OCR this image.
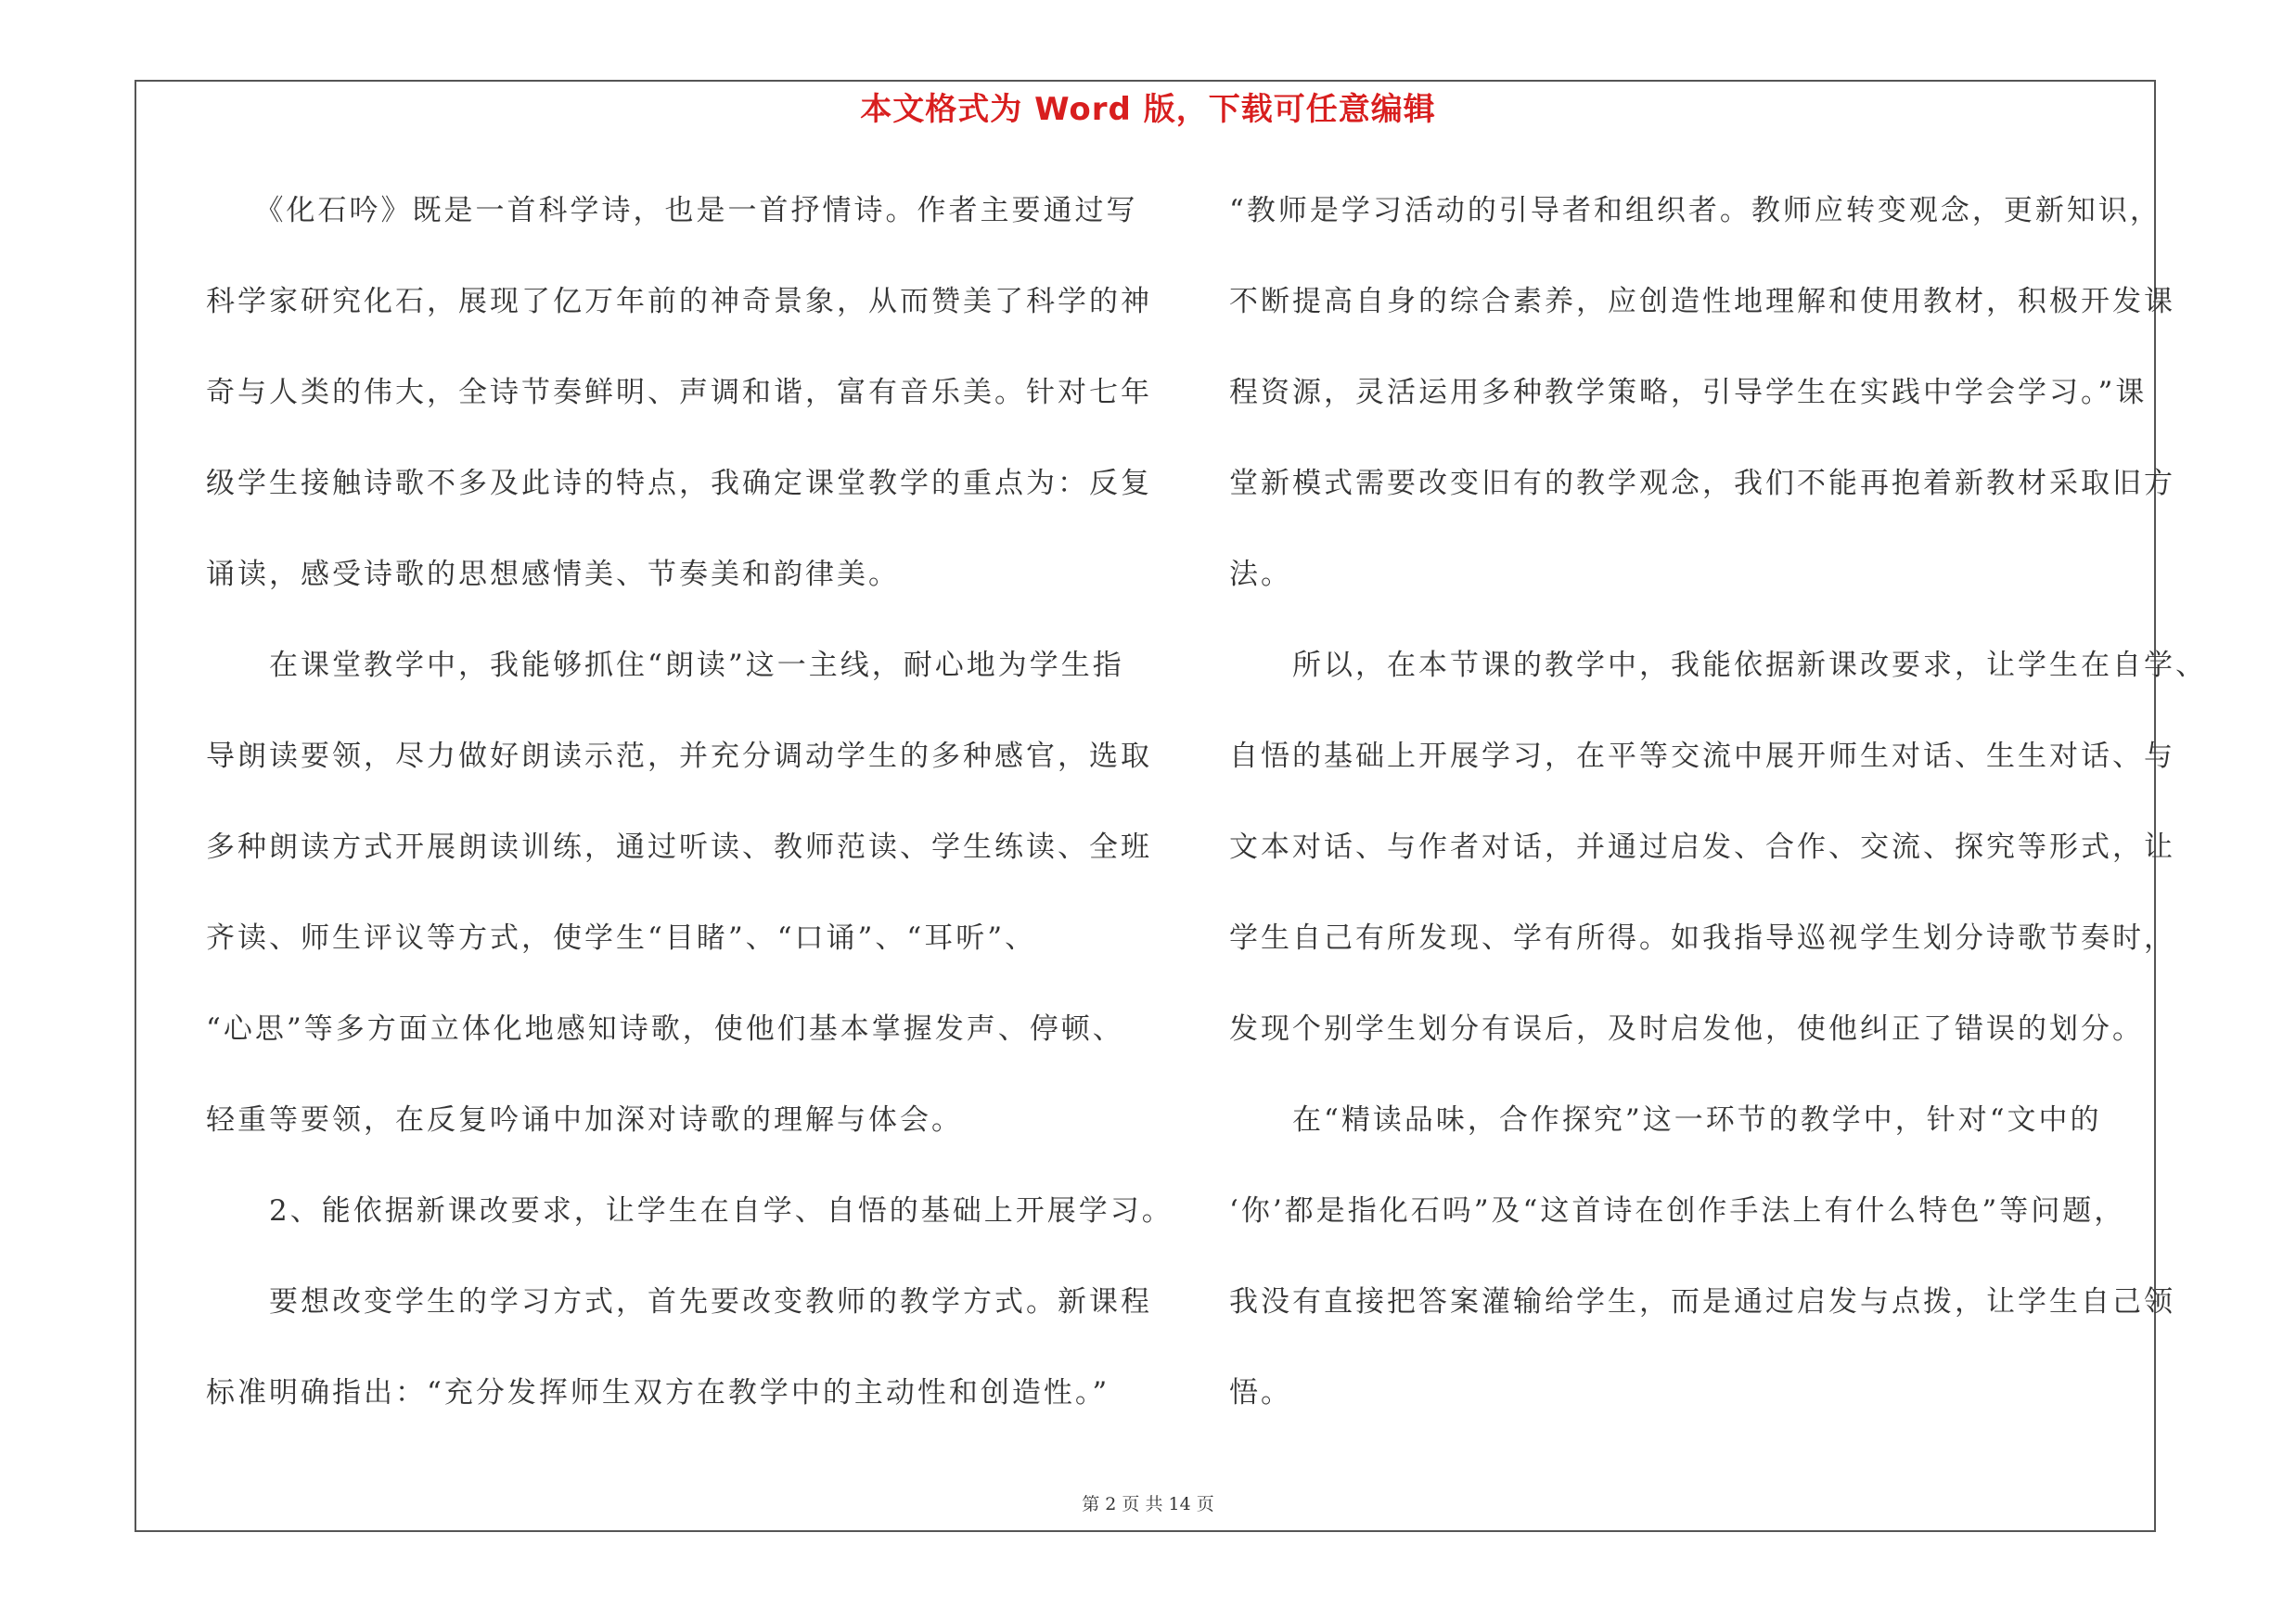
本文格式为 Word 版，下载可任意编辑
　　《化石吟》既是一首科学诗，也是一首抒情诗。作者主要通过写
科学家研究化石，展现了亿万年前的神奇景象，从而赞美了科学的神
奇与人类的伟大，全诗节奏鲜明、声调和谐，富有音乐美。针对七年
级学生接触诗歌不多及此诗的特点，我确定课堂教学的重点为：反复
诵读，感受诗歌的思想感情美、节奏美和韵律美。
　　在课堂教学中，我能够抓住“朗读”这一主线，耐心地为学生指
导朗读要领，尽力做好朗读示范，并充分调动学生的多种感官，选取
多种朗读方式开展朗读训练，通过听读、教师范读、学生练读、全班
齐读、师生评议等方式，使学生“目睹”、“口诵”、“耳听”、
“心思”等多方面立体化地感知诗歌，使他们基本掌握发声、停顿、
轻重等要领，在反复吟诵中加深对诗歌的理解与体会。
　　2、能依据新课改要求，让学生在自学、自悟的基础上开展学习。
　　要想改变学生的学习方式，首先要改变教师的教学方式。新课程
标准明确指出：“充分发挥师生双方在教学中的主动性和创造性。”
“教师是学习活动的引导者和组织者。教师应转变观念，更新知识，
不断提高自身的综合素养，应创造性地理解和使用教材，积极开发课
程资源，灵活运用多种教学策略，引导学生在实践中学会学习。”课
堂新模式需要改变旧有的教学观念，我们不能再抱着新教材采取旧方
法。
　　所以，在本节课的教学中，我能依据新课改要求，让学生在自学、
自悟的基础上开展学习，在平等交流中展开师生对话、生生对话、与
文本对话、与作者对话，并通过启发、合作、交流、探究等形式，让
学生自己有所发现、学有所得。如我指导巡视学生划分诗歌节奏时，
发现个别学生划分有误后，及时启发他，使他纠正了错误的划分。
　　在“精读品味，合作探究”这一环节的教学中，针对“文中的
‘你’都是指化石吗”及“这首诗在创作手法上有什么特色”等问题，
我没有直接把答案灌输给学生，而是通过启发与点拨，让学生自己领
悟。
第 2 页 共 14 页
